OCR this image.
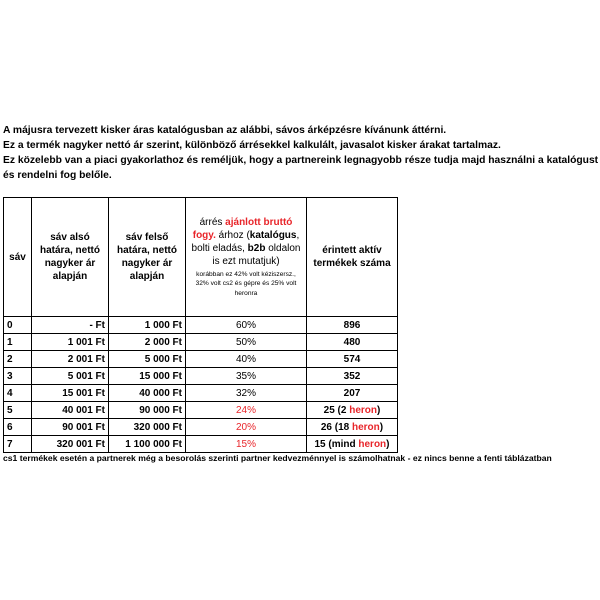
A májusra tervezett kisker áras katalógusban az alábbi, sávos árképzésre kívánunk áttérni.

Ez a termék nagyker nettó ár szerint, különböző árrésekkel kalkulált, javasalot kisker árakat tartalmaz.

Ez közelebb van a piaci gyakorlathoz és reméljük, hogy a partnereink legnagyobb része tudja majd használni a katalógust

és rendelni fog belőle.

sáv	sáv alsó határa, nettó nagyker ár alapján	sáv felső határa, nettó nagyker ár alapján	árrés ajánlott bruttó fogy. árhoz (katalógus, bolti eladás, b2b oldalon is ezt mutatjuk)
korábban ez 42% volt kéziszersz., 32% volt cs2 és gépre és 25% volt heronra	érintett aktív termékek száma
0	- Ft	1 000 Ft	60%	896
1	1 001 Ft	2 000 Ft	50%	480
2	2 001 Ft	5 000 Ft	40%	574
3	5 001 Ft	15 000 Ft	35%	352
4	15 001 Ft	40 000 Ft	32%	207
5	40 001 Ft	90 000 Ft	24%	25 (2 heron)
6	90 001 Ft	320 000 Ft	20%	26 (18 heron)
7	320 001 Ft	1 100 000 Ft	15%	15 (mind heron)
cs1 termékek esetén a partnerek még a besorolás szerinti partner kedvezménnyel is számolhatnak - ez nincs benne a fenti táblázatban
